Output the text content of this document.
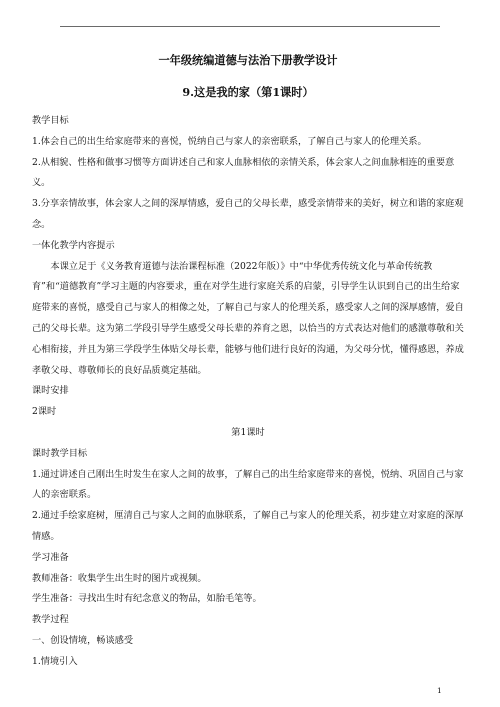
一年级统编道德与法治下册教学设计
9.这是我的家（第1课时）

教学目标

1.体会自己的出生给家庭带来的喜悦，悦纳自己与家人的亲密联系，了解自己与家人的伦理关系。

2.从相貌、性格和做事习惯等方面讲述自己和家人血脉相依的亲情关系，体会家人之间血脉相连的重要意义。

3.分享亲情故事，体会家人之间的深厚情感，爱自己的父母长辈，感受亲情带来的美好，树立和谐的家庭观念。

一体化教学内容提示

本课立足于《义务教育道德与法治课程标准（2022年版）》中“中华优秀传统文化与革命传统教育”和“道德教育”学习主题的内容要求，重在对学生进行家庭关系的启蒙，引导学生认识到自己的出生给家庭带来的喜悦，感受自己与家人的相像之处，了解自己与家人的伦理关系，感受家人之间的深厚感情，爱自己的父母长辈。这为第二学段引导学生感受父母长辈的养育之恩，以恰当的方式表达对他们的感激尊敬和关心相衔接，并且为第三学段学生体贴父母长辈，能够与他们进行良好的沟通，为父母分忧，懂得感恩，养成孝敬父母、尊敬师长的良好品质奠定基础。

课时安排

2课时

第1课时

课时教学目标

1.通过讲述自己刚出生时发生在家人之间的故事，了解自己的出生给家庭带来的喜悦，悦纳、巩固自己与家人的亲密联系。

2.通过手绘家庭树，厘清自己与家人之间的血脉联系，了解自己与家人的伦理关系，初步建立对家庭的深厚情感。

学习准备

教师准备：收集学生出生时的图片或视频。

学生准备：寻找出生时有纪念意义的物品，如胎毛笔等。

教学过程

一、创设情境，畅谈感受

1.情境引入

1
